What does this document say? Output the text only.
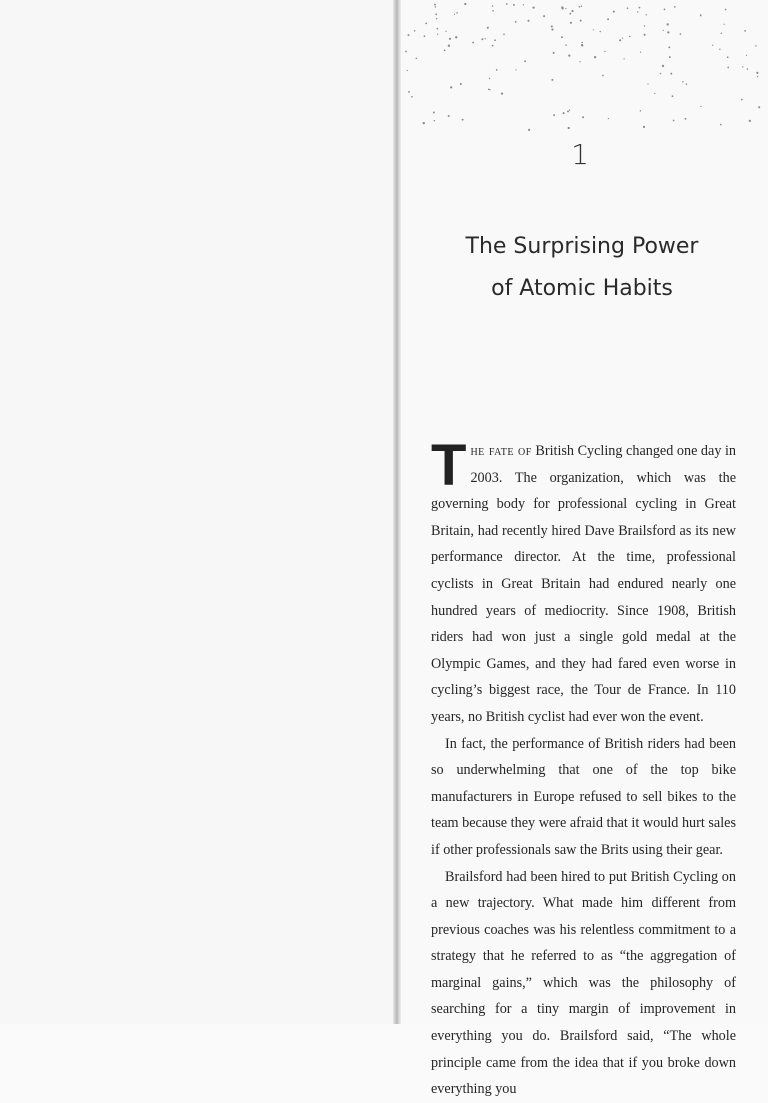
1
The Surprising Power
of Atomic Habits

The fate of British Cycling changed one day in 2003. The organization, which was the governing body for professional cycling in Great Britain, had recently hired Dave Brailsford as its new performance director. At the time, professional cyclists in Great Britain had endured nearly one hundred years of mediocrity. Since 1908, British riders had won just a single gold medal at the Olympic Games, and they had fared even worse in cycling’s biggest race, the Tour de France. In 110 years, no British cyclist had ever won the event.

In fact, the performance of British riders had been so underwhelming that one of the top bike manufacturers in Europe refused to sell bikes to the team because they were afraid that it would hurt sales if other professionals saw the Brits using their gear.

Brailsford had been hired to put British Cycling on a new trajectory. What made him different from previous coaches was his relentless commitment to a strategy that he referred to as “the aggregation of marginal gains,” which was the philosophy of searching for a tiny margin of improvement in everything you do. Brailsford said, “The whole principle came from the idea that if you broke down everything you
